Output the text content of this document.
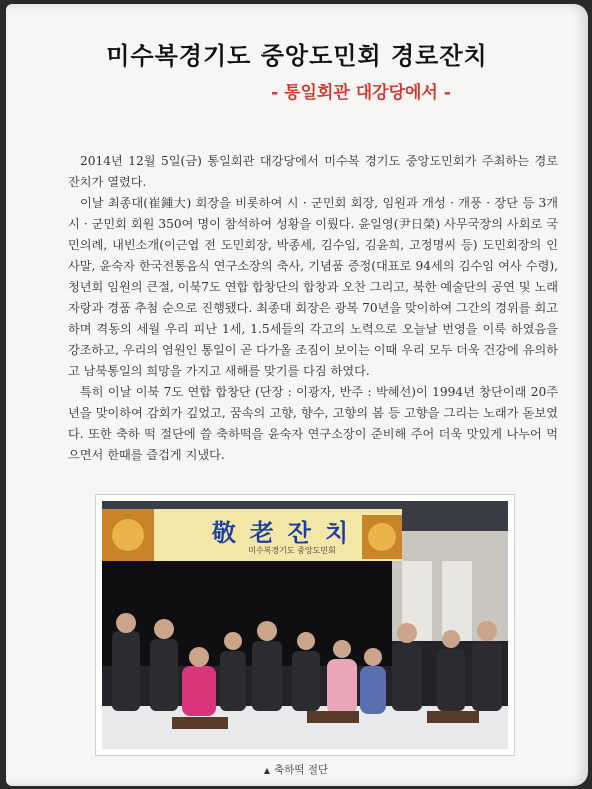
미수복경기도 중앙도민회 경로잔치
- 통일회관 대강당에서 -

2014년 12월 5일(금) 통일회관 대강당에서 미수복 경기도 중앙도민회가 주최하는 경로 잔치가 열렸다.

이날 최종대(崔鍾大) 회장을 비롯하여 시 · 군민회 회장, 임원과 개성 · 개풍 · 장단 등 3개 시 · 군민회 회원 350여 명이 참석하여 성황을 이뤘다. 윤일영(尹日榮) 사무국장의 사회로 국민의례, 내빈소개(이근엽 전 도민회장, 박종세, 김수임, 김윤희, 고정명씨 등) 도민회장의 인사말, 윤숙자 한국전통음식 연구소장의 축사, 기념품 증정(대표로 94세의 김수임 여사 수령), 청년회 임원의 큰절, 이북7도 연합 합창단의 합창과 오찬 그리고, 북한 예술단의 공연 및 노래자랑과 경품 추첨 순으로 진행됐다. 최종대 회장은 광복 70년을 맞이하여 그간의 경위를 회고하며 격동의 세월 우리 피난 1세, 1.5세들의 각고의 노력으로 오늘날 번영을 이룩 하였음을 강조하고, 우리의 염원인 통일이 곧 다가올 조짐이 보이는 이때 우리 모두 더욱 건강에 유의하고 남북통일의 희망을 가지고 새해를 맞기를 다짐 하였다.

특히 이날 이북 7도 연합 합창단 (단장 : 이광자, 반주 : 박혜선)이 1994년 창단이래 20주년을 맞이하여 감회가 깊었고, 꿈속의 고향, 향수, 고향의 봄 등 고향을 그리는 노래가 돋보였다. 또한 축하 떡 절단에 쓸 축하떡을 윤숙자 연구소장이 준비해 주어 더욱 맛있게 나누어 먹으면서 한때를 즐겁게 지냈다.

敬老잔치
미수복경기도 중앙도민회
▲ 축하떡 절단
